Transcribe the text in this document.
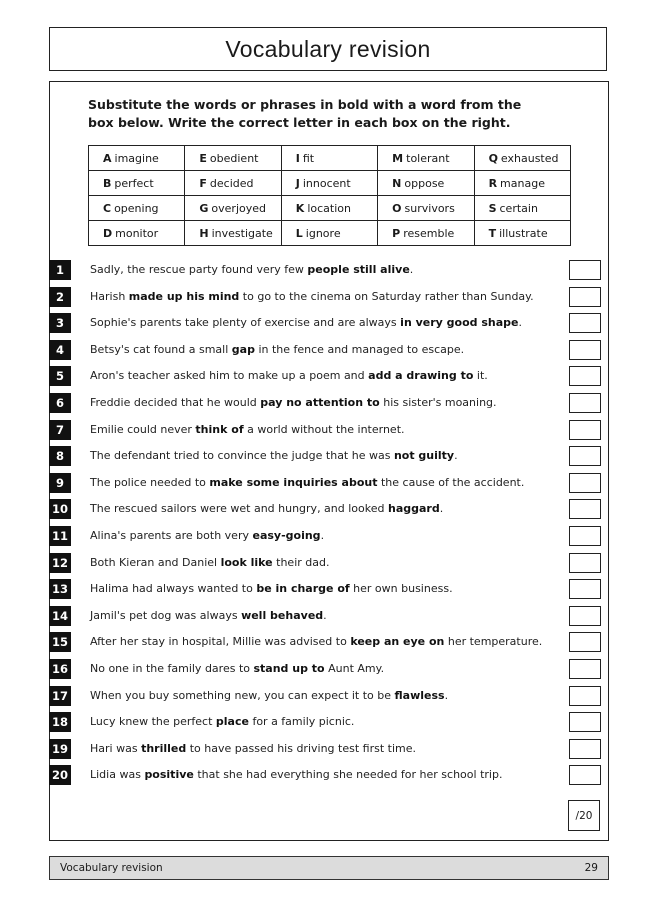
Vocabulary revision
Substitute the words or phrases in bold with a word from the
box below. Write the correct letter in each box on the right.
A imagine	E obedient	I fit	M tolerant	Q exhausted
B perfect	F decided	J innocent	N oppose	R manage
C opening	G overjoyed	K location	O survivors	S certain
D monitor	H investigate	L ignore	P resemble	T illustrate
1	Sadly, the rescue party found very few people still alive.
2	Harish made up his mind to go to the cinema on Saturday rather than Sunday.
3	Sophie's parents take plenty of exercise and are always in very good shape.
4	Betsy's cat found a small gap in the fence and managed to escape.
5	Aron's teacher asked him to make up a poem and add a drawing to it.
6	Freddie decided that he would pay no attention to his sister's moaning.
7	Emilie could never think of a world without the internet.
8	The defendant tried to convince the judge that he was not guilty.
9	The police needed to make some inquiries about the cause of the accident.
10 The rescued sailors were wet and hungry, and looked haggard.
11 Alina's parents are both very easy-going.
12 Both Kieran and Daniel look like their dad.
13 Halima had always wanted to be in charge of her own business.
14 Jamil's pet dog was always well behaved.
15 After her stay in hospital, Millie was advised to keep an eye on her temperature.
16 No one in the family dares to stand up to Aunt Amy.
17 When you buy something new, you can expect it to be flawless.
18 Lucy knew the perfect place for a family picnic.
19 Hari was thrilled to have passed his driving test first time.
20 Lidia was positive that she had everything she needed for her school trip.
/20
Vocabulary revision	29
